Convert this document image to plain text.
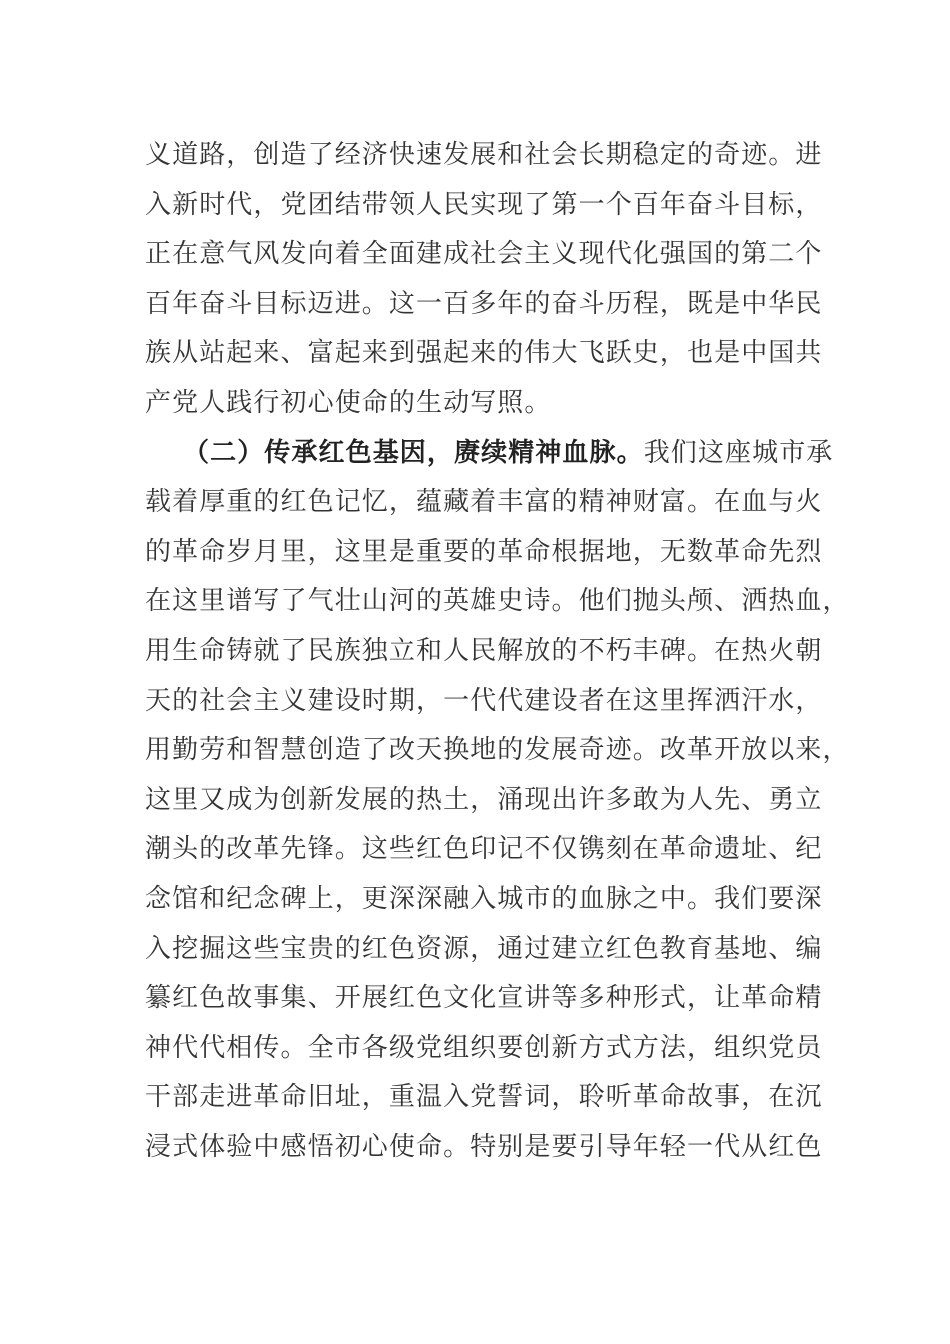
义道路，创造了经济快速发展和社会长期稳定的奇迹。进
入新时代，党团结带领人民实现了第一个百年奋斗目标，
正在意气风发向着全面建成社会主义现代化强国的第二个
百年奋斗目标迈进。这一百多年的奋斗历程，既是中华民
族从站起来、富起来到强起来的伟大飞跃史，也是中国共
产党人践行初心使命的生动写照。
（二）传承红色基因，赓续精神血脉。我们这座城市承
载着厚重的红色记忆，蕴藏着丰富的精神财富。在血与火
的革命岁月里，这里是重要的革命根据地，无数革命先烈
在这里谱写了气壮山河的英雄史诗。他们抛头颅、洒热血，
用生命铸就了民族独立和人民解放的不朽丰碑。在热火朝
天的社会主义建设时期，一代代建设者在这里挥洒汗水，
用勤劳和智慧创造了改天换地的发展奇迹。改革开放以来，
这里又成为创新发展的热土，涌现出许多敢为人先、勇立
潮头的改革先锋。这些红色印记不仅镌刻在革命遗址、纪
念馆和纪念碑上，更深深融入城市的血脉之中。我们要深
入挖掘这些宝贵的红色资源，通过建立红色教育基地、编
纂红色故事集、开展红色文化宣讲等多种形式，让革命精
神代代相传。全市各级党组织要创新方式方法，组织党员
干部走进革命旧址，重温入党誓词，聆听革命故事，在沉
浸式体验中感悟初心使命。特别是要引导年轻一代从红色
